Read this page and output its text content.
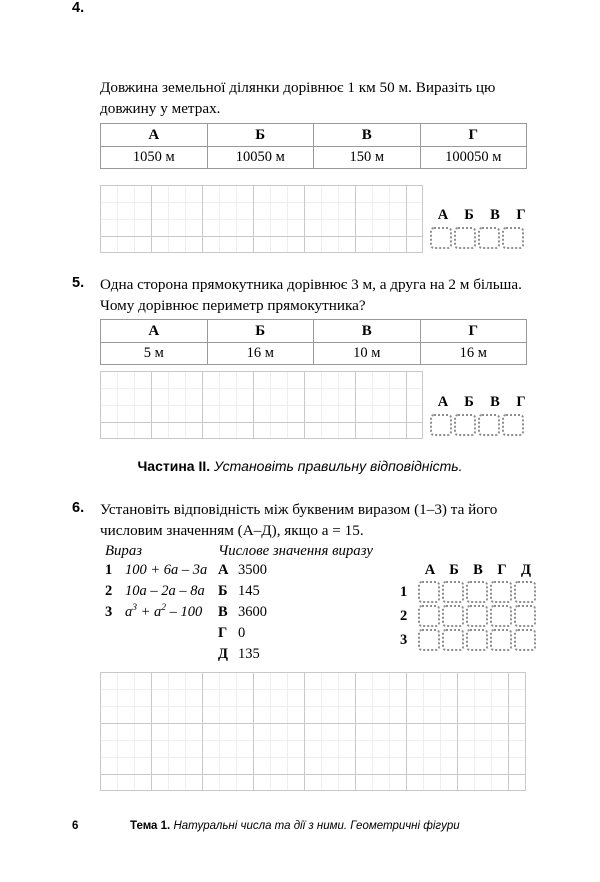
4.
Довжина земельної ділянки дорівнює 1 км 50 м. Виразіть цю довжину у метрах.
А	Б	В	Г
1050 м	10050 м	150 м	100050 м
А	Б	В	Г
5.	Одна сторона прямокутника дорівнює 3 м, а друга на 2 м більша. Чому дорівнює периметр прямокутника?
А	Б	В	Г
5 м	16 м	10 м	16 м
А	Б	В	Г
Частина II. Установіть правильну відповідність.
6.	Установіть відповідність між буквеним виразом (1–3) та його числовим значенням (А–Д), якщо a = 15.
Вираз
1 100 + 6a – 3a
2 10a – 2a – 8a
3 $a^3 + a^2 - 100$
Числове значення виразу
А 3500
Б 145
В 3600
Г 0
Д 135
А Б В	Г Д
1
2
3
6	Тема 1. Натуральні числа та дії з ними. Геометричні фігури
